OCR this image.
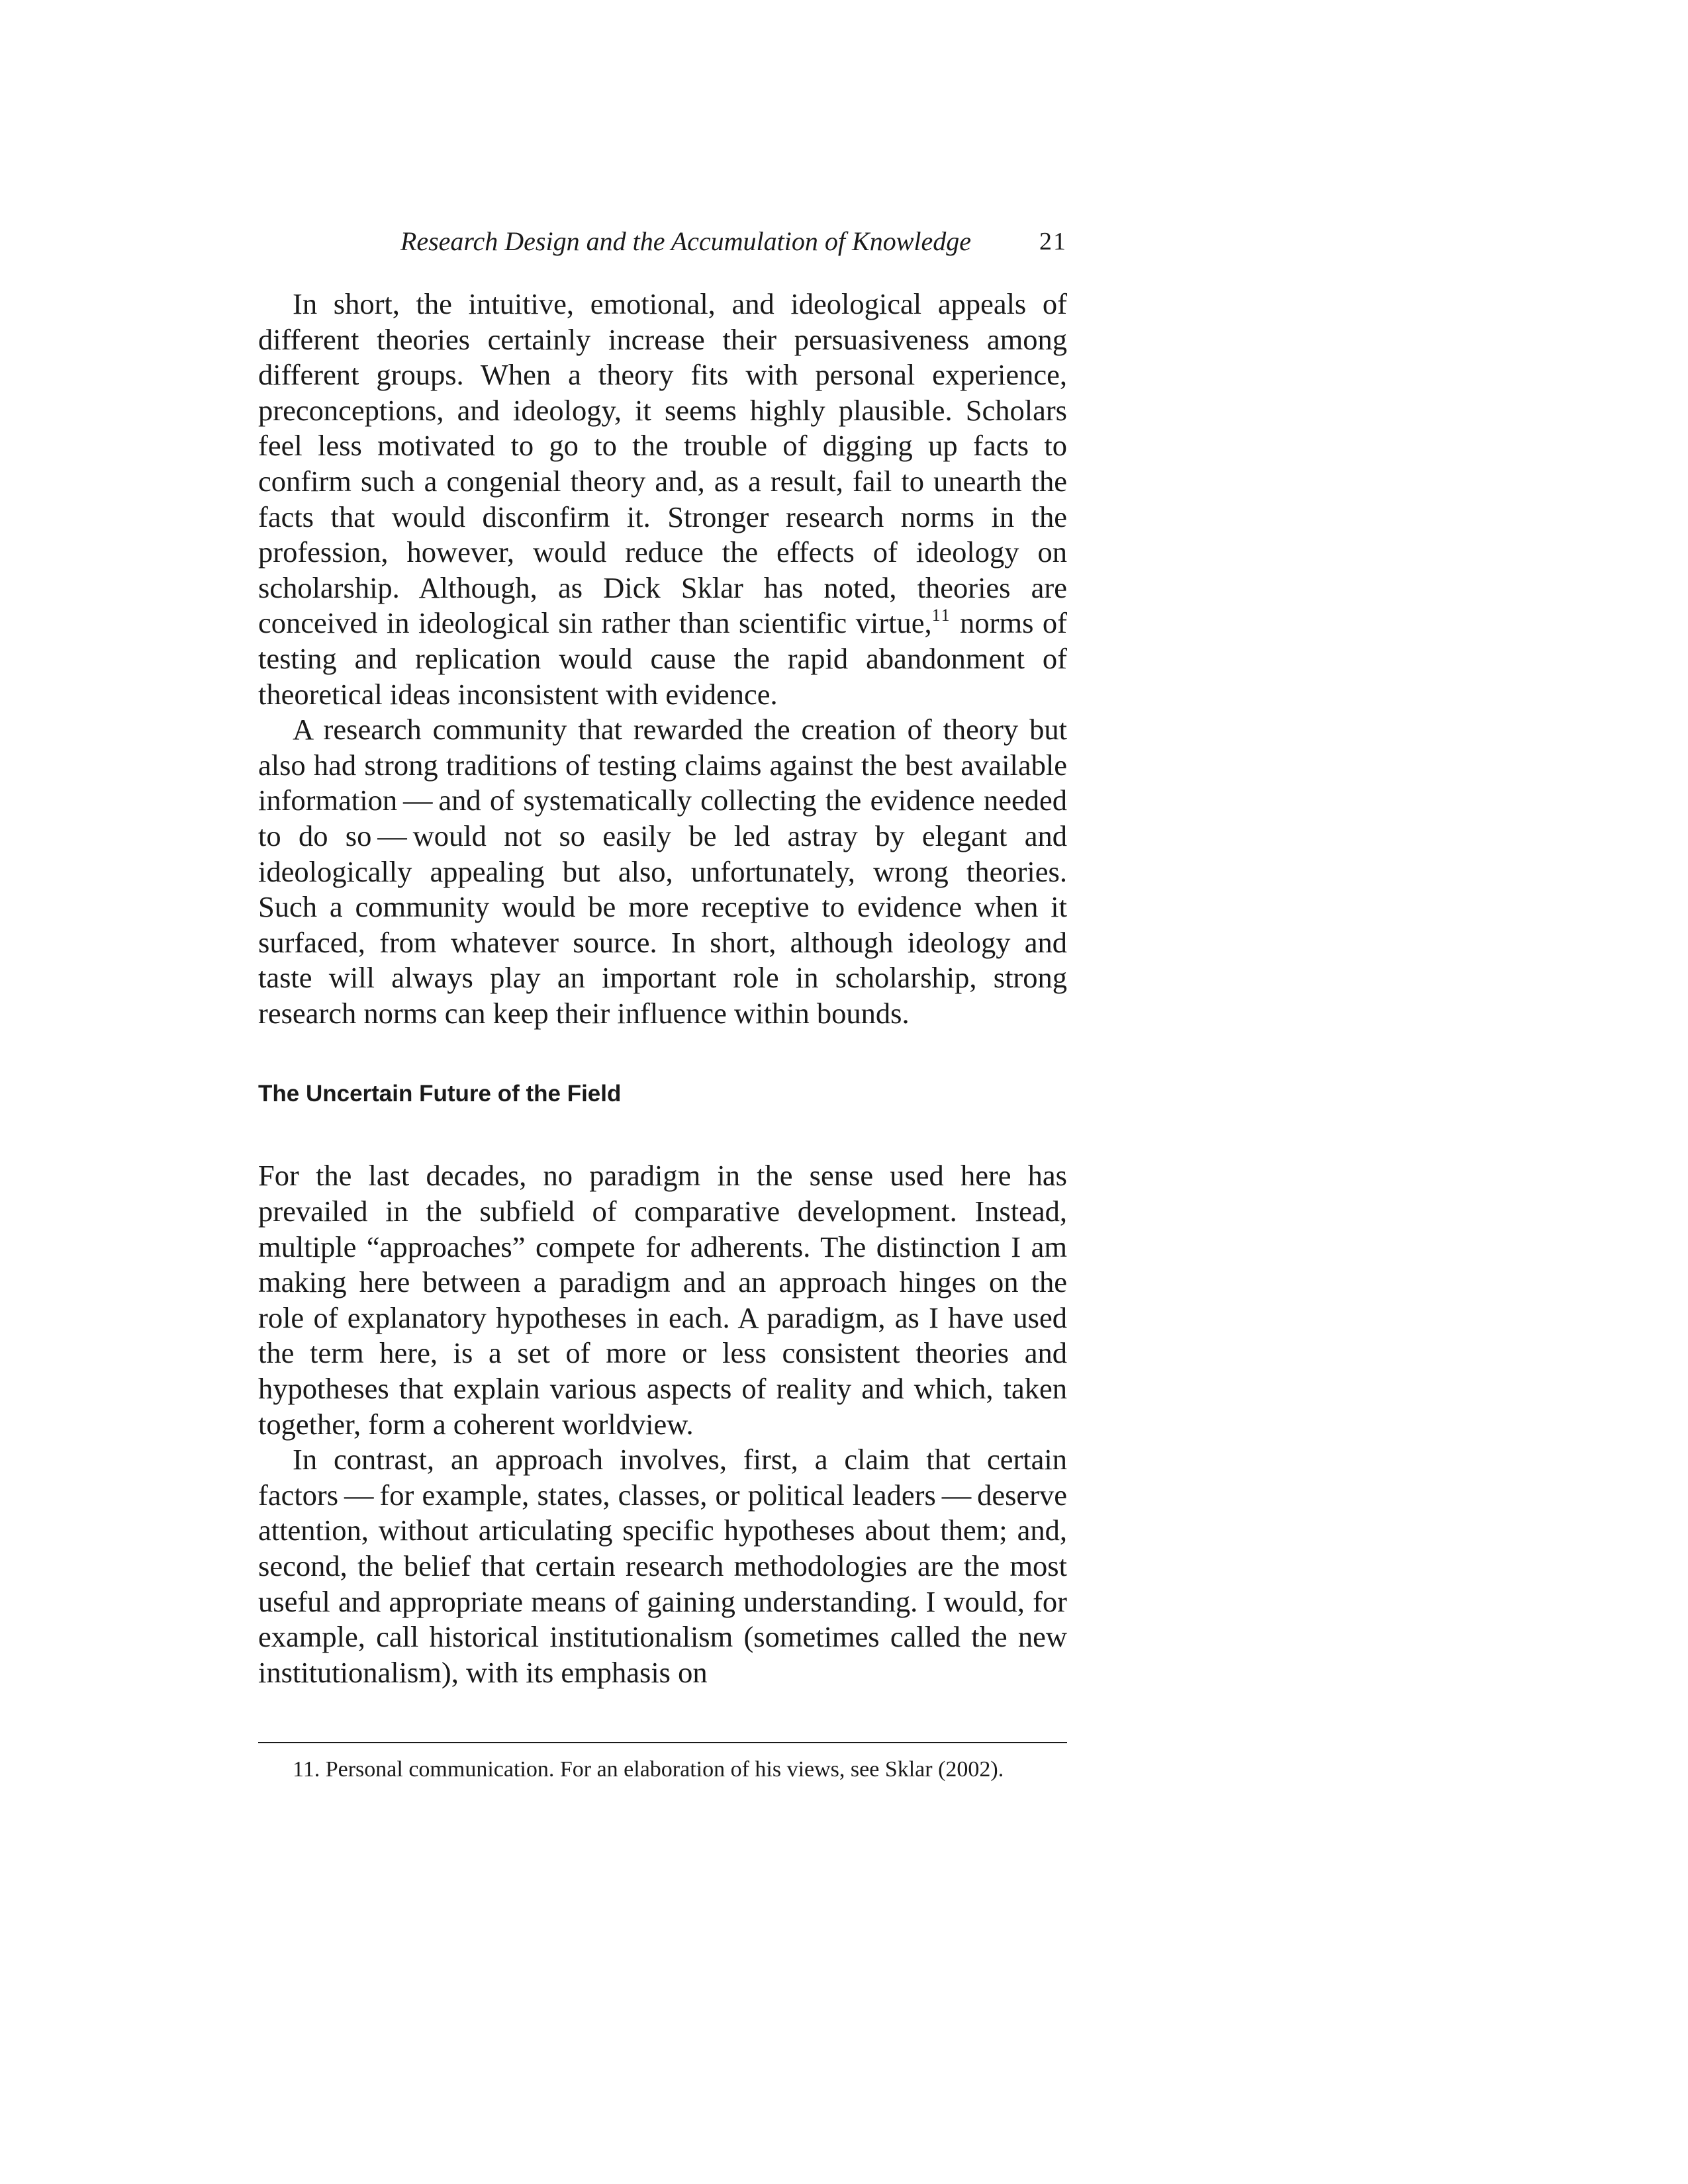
Research Design and the Accumulation of Knowledge	21

In short, the intuitive, emotional, and ideological appeals of different theories certainly increase their persuasiveness among different groups. When a theory fits with personal experience, preconceptions, and ideology, it seems highly plausible. Scholars feel less motivated to go to the trouble of digging up facts to confirm such a congenial theory and, as a result, fail to unearth the facts that would disconfirm it. Stronger research norms in the profession, however, would reduce the effects of ideology on scholarship. Although, as Dick Sklar has noted, theories are conceived in ideological sin rather than scientific virtue,$^{11}$ norms of testing and replication would cause the rapid abandonment of theoretical ideas inconsistent with evidence.

A research community that rewarded the creation of theory but also had strong traditions of testing claims against the best available information — and of systematically collecting the evidence needed to do so — would not so easily be led astray by elegant and ideologically appealing but also, unfortunately, wrong theories. Such a community would be more receptive to evidence when it surfaced, from whatever source. In short, although ideology and taste will always play an important role in scholarship, strong research norms can keep their influence within bounds.

The Uncertain Future of the Field

For the last decades, no paradigm in the sense used here has prevailed in the subfield of comparative development. Instead, multiple “approaches” compete for adherents. The distinction I am making here between a paradigm and an approach hinges on the role of explanatory hypotheses in each. A paradigm, as I have used the term here, is a set of more or less consistent theories and hypotheses that explain various aspects of reality and which, taken together, form a coherent worldview.

In contrast, an approach involves, first, a claim that certain factors — for example, states, classes, or political leaders — deserve attention, without articulating specific hypotheses about them; and, second, the belief that certain research methodologies are the most useful and appropriate means of gaining understanding. I would, for example, call historical institutionalism (sometimes called the new institutionalism), with its emphasis on

11. Personal communication. For an elaboration of his views, see Sklar (2002).
